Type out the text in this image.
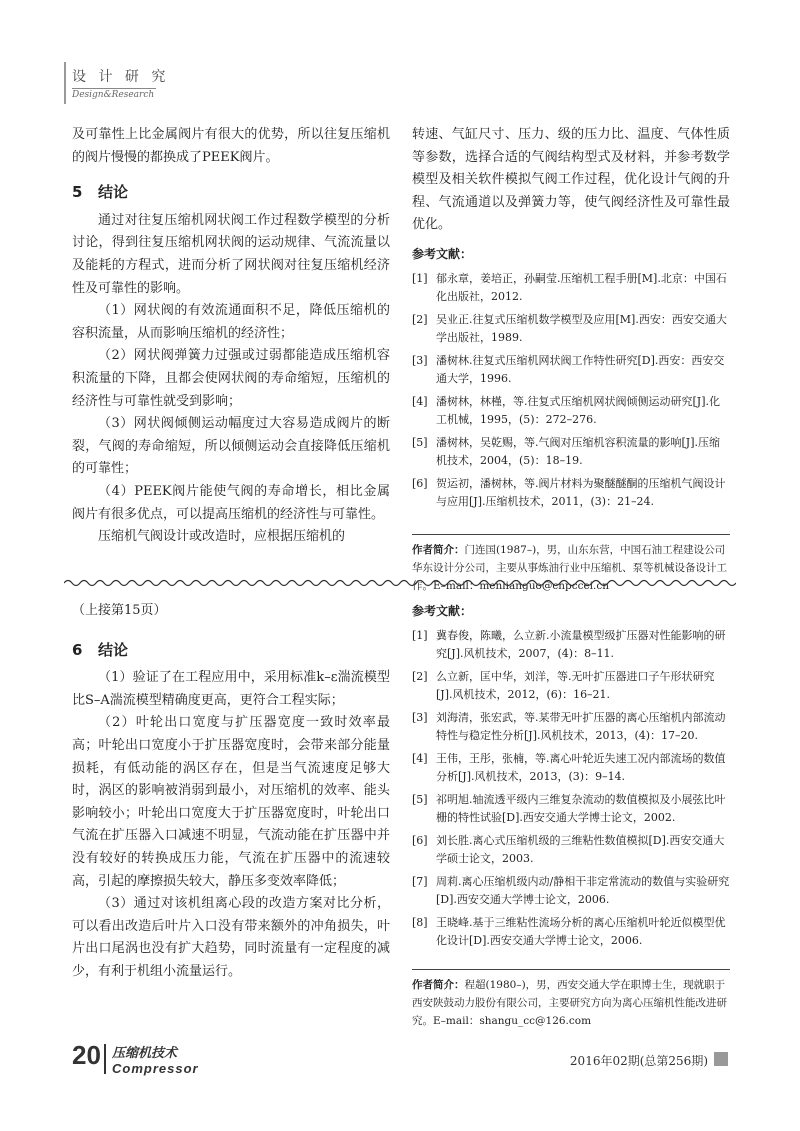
设 计 研 究
Design&Research

及可靠性上比金属阀片有很大的优势，所以往复压缩机的阀片慢慢的都换成了PEEK阀片。

5 结论

通过对往复压缩机网状阀工作过程数学模型的分析讨论，得到往复压缩机网状阀的运动规律、气流流量以及能耗的方程式，进而分析了网状阀对往复压缩机经济性及可靠性的影响。

（1）网状阀的有效流通面积不足，降低压缩机的容积流量，从而影响压缩机的经济性；

（2）网状阀弹簧力过强或过弱都能造成压缩机容积流量的下降，且都会使网状阀的寿命缩短，压缩机的经济性与可靠性就受到影响；

（3）网状阀倾侧运动幅度过大容易造成阀片的断裂，气阀的寿命缩短，所以倾侧运动会直接降低压缩机的可靠性；

（4）PEEK阀片能使气阀的寿命增长，相比金属阀片有很多优点，可以提高压缩机的经济性与可靠性。

压缩机气阀设计或改造时，应根据压缩机的

转速、气缸尺寸、压力、级的压力比、温度、气体性质等参数，选择合适的气阀结构型式及材料，并参考数学模型及相关软件模拟气阀工作过程，优化设计气阀的升程、气流通道以及弹簧力等，使气阀经济性及可靠性最优化。

参考文献：
[1] 郁永章，姜培正，孙嗣莹.压缩机工程手册[M].北京：中国石化出版社，2012.
[2] 吴业正.往复式压缩机数学模型及应用[M].西安：西安交通大学出版社，1989.
[3] 潘树林.往复式压缩机网状阀工作特性研究[D].西安：西安交通大学，1996.
[4] 潘树林，林槿，等.往复式压缩机网状阀倾侧运动研究[J].化工机械，1995，(5)：272–276.
[5] 潘树林，吴乾赐，等.气阀对压缩机容积流量的影响[J].压缩机技术，2004，(5)：18–19.
[6] 贺运初，潘树林，等.阀片材料为聚醚醚酮的压缩机气阀设计与应用[J].压缩机技术，2011，(3)：21–24.
作者简介：门连国(1987–)，男，山东东营，中国石油工程建设公司华东设计分公司，主要从事炼油行业中压缩机、泵等机械设备设计工作。E–mail：menlianguo@cnpccei.cn

（上接第15页）

6 结论

（1）验证了在工程应用中，采用标准k–ε湍流模型比S–A湍流模型精确度更高，更符合工程实际；

（2）叶轮出口宽度与扩压器宽度一致时效率最高；叶轮出口宽度小于扩压器宽度时，会带来部分能量损耗，有低动能的涡区存在，但是当气流速度足够大时，涡区的影响被消弱到最小，对压缩机的效率、能头影响较小；叶轮出口宽度大于扩压器宽度时，叶轮出口气流在扩压器入口减速不明显，气流动能在扩压器中并没有较好的转换成压力能，气流在扩压器中的流速较高，引起的摩擦损失较大，静压多变效率降低；

（3）通过对该机组离心段的改造方案对比分析，可以看出改造后叶片入口没有带来额外的冲角损失，叶片出口尾涡也没有扩大趋势，同时流量有一定程度的减少，有利于机组小流量运行。

参考文献：
[1] 冀春俊，陈曦，么立新.小流量模型级扩压器对性能影响的研究[J].风机技术，2007，(4)：8–11.
[2] 么立新，匡中华，刘洋，等.无叶扩压器进口子午形状研究[J].风机技术，2012，(6)：16–21.
[3] 刘海清，张宏武，等.某带无叶扩压器的离心压缩机内部流动特性与稳定性分析[J].风机技术，2013，(4)：17–20.
[4] 王伟，王彤，张楠，等.离心叶轮近失速工况内部流场的数值分析[J].风机技术，2013，(3)：9–14.
[5] 祁明旭.轴流透平级内三维复杂流动的数值模拟及小展弦比叶栅的特性试验[D].西安交通大学博士论文，2002.
[6] 刘长胜.离心式压缩机级的三维粘性数值模拟[D].西安交通大学硕士论文，2003.
[7] 周莉.离心压缩机级内动/静相干非定常流动的数值与实验研究[D].西安交通大学博士论文，2006.
[8] 王晓峰.基于三维粘性流场分析的离心压缩机叶轮近似模型优化设计[D].西安交通大学博士论文，2006.
作者简介：程超(1980–)，男，西安交通大学在职博士生，现就职于西安陕鼓动力股份有限公司，主要研究方向为离心压缩机性能改进研究。E–mail：shangu_cc@126.com
20 压缩机技术
Compressor	2016年02期(总第256期)
